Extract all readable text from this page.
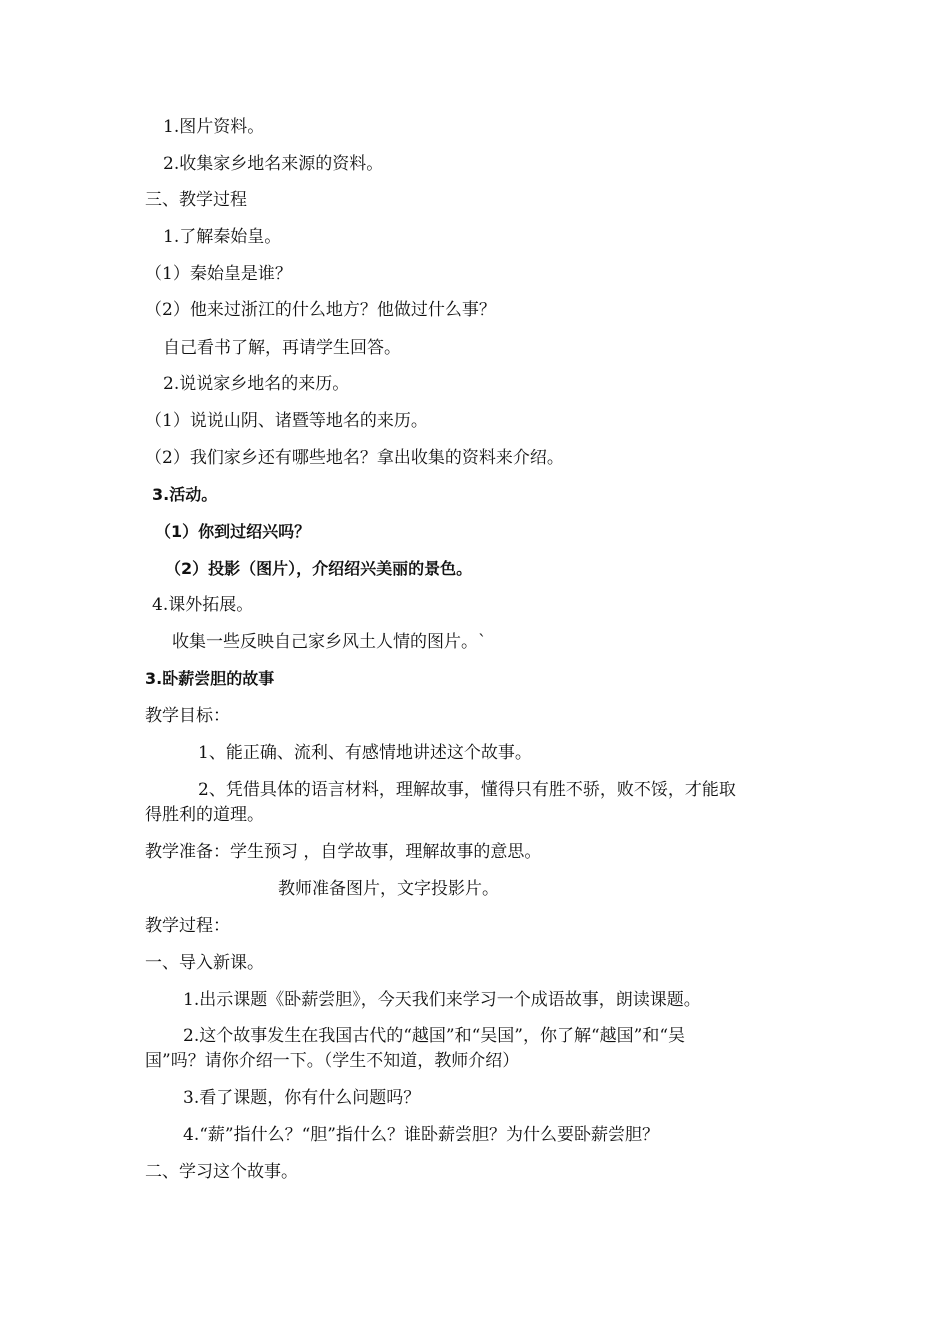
1.图片资料。
2.收集家乡地名来源的资料。
三、教学过程
1.了解秦始皇。
（1）秦始皇是谁？
（2）他来过浙江的什么地方？他做过什么事？
自己看书了解，再请学生回答。
2.说说家乡地名的来历。
（1）说说山阴、诸暨等地名的来历。
（2）我们家乡还有哪些地名？拿出收集的资料来介绍。
3.活动。
（1）你到过绍兴吗？
（2）投影（图片），介绍绍兴美丽的景色。
4.课外拓展。
收集一些反映自己家乡风土人情的图片。`
3.卧薪尝胆的故事
教学目标：
1、能正确、流利、有感情地讲述这个故事。
2、凭借具体的语言材料，理解故事，懂得只有胜不骄，败不馁，才能取
得胜利的道理。
教学准备：学生预习 ，自学故事，理解故事的意思。
教师准备图片，文字投影片。
教学过程：
一、导入新课。
1.出示课题《卧薪尝胆》，今天我们来学习一个成语故事，朗读课题。
2.这个故事发生在我国古代的“越国”和“吴国”，你了解“越国”和“吴
国”吗？请你介绍一下。（学生不知道，教师介绍）
3.看了课题，你有什么问题吗？
4.“薪”指什么？“胆”指什么？谁卧薪尝胆？为什么要卧薪尝胆？
二、学习这个故事。
